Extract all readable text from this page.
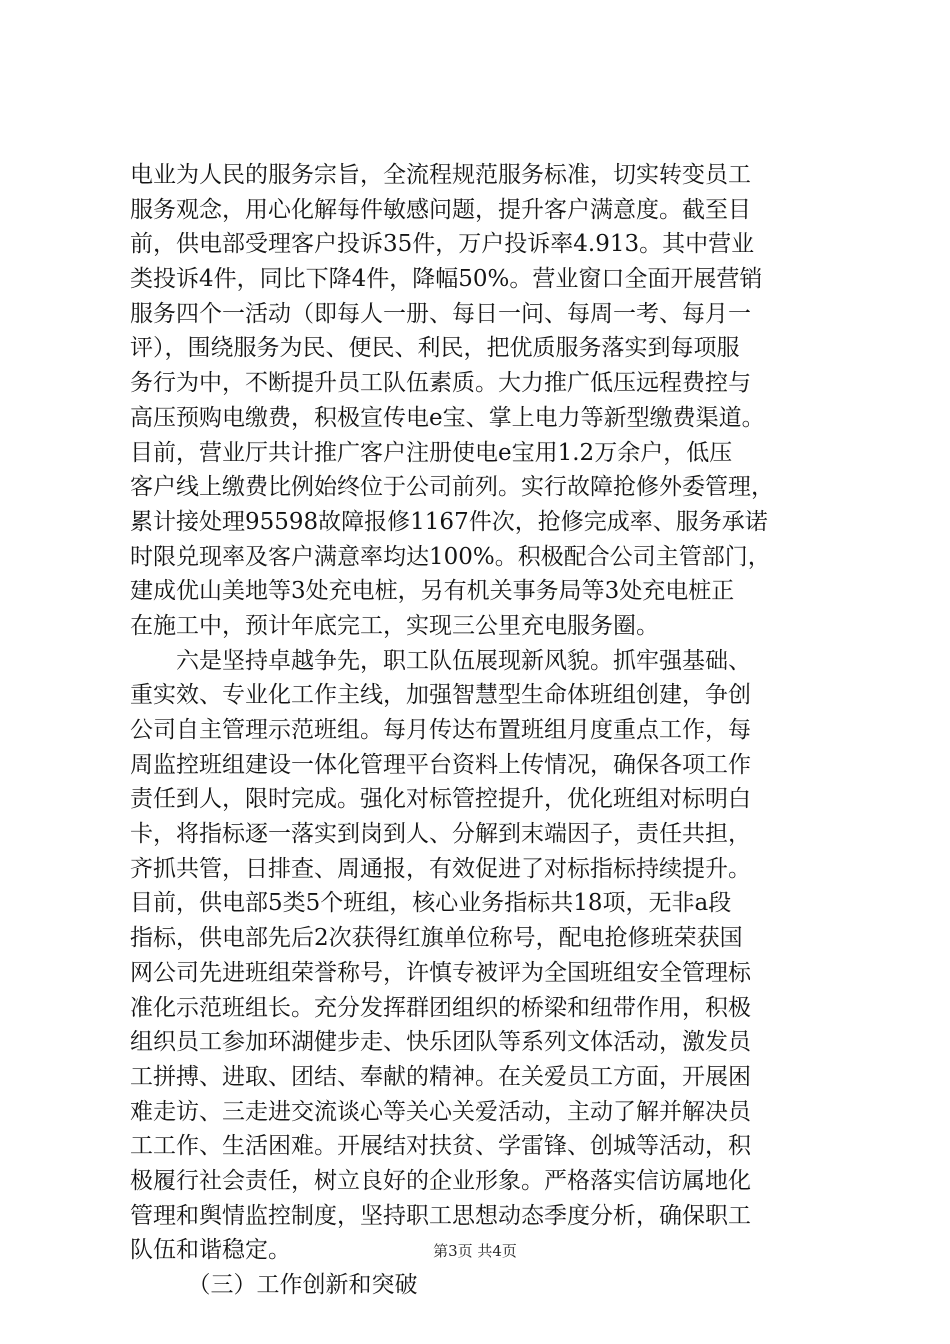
电业为人民的服务宗旨，全流程规范服务标准，切实转变员工
服务观念，用心化解每件敏感问题，提升客户满意度。截至目
前，供电部受理客户投诉35件，万户投诉率4.913。其中营业
类投诉4件，同比下降4件，降幅50%。营业窗口全面开展营销
服务四个一活动（即每人一册、每日一问、每周一考、每月一
评），围绕服务为民、便民、利民，把优质服务落实到每项服
务行为中，不断提升员工队伍素质。大力推广低压远程费控与
高压预购电缴费，积极宣传电e宝、掌上电力等新型缴费渠道。
目前，营业厅共计推广客户注册使电e宝用1.2万余户，低压
客户线上缴费比例始终位于公司前列。实行故障抢修外委管理，
累计接处理95598故障报修1167件次，抢修完成率、服务承诺
时限兑现率及客户满意率均达100%。积极配合公司主管部门，
建成优山美地等3处充电桩，另有机关事务局等3处充电桩正
在施工中，预计年底完工，实现三公里充电服务圈。
　　六是坚持卓越争先，职工队伍展现新风貌。抓牢强基础、
重实效、专业化工作主线，加强智慧型生命体班组创建，争创
公司自主管理示范班组。每月传达布置班组月度重点工作，每
周监控班组建设一体化管理平台资料上传情况，确保各项工作
责任到人，限时完成。强化对标管控提升，优化班组对标明白
卡，将指标逐一落实到岗到人、分解到末端因子，责任共担，
齐抓共管，日排查、周通报，有效促进了对标指标持续提升。
目前，供电部5类5个班组，核心业务指标共18项，无非a段
指标，供电部先后2次获得红旗单位称号，配电抢修班荣获国
网公司先进班组荣誉称号，许慎专被评为全国班组安全管理标
准化示范班组长。充分发挥群团组织的桥梁和纽带作用，积极
组织员工参加环湖健步走、快乐团队等系列文体活动，激发员
工拼搏、进取、团结、奉献的精神。在关爱员工方面，开展困
难走访、三走进交流谈心等关心关爱活动，主动了解并解决员
工工作、生活困难。开展结对扶贫、学雷锋、创城等活动，积
极履行社会责任，树立良好的企业形象。严格落实信访属地化
管理和舆情监控制度，坚持职工思想动态季度分析，确保职工
队伍和谐稳定。
　　　（三）工作创新和突破
第3页 共4页
